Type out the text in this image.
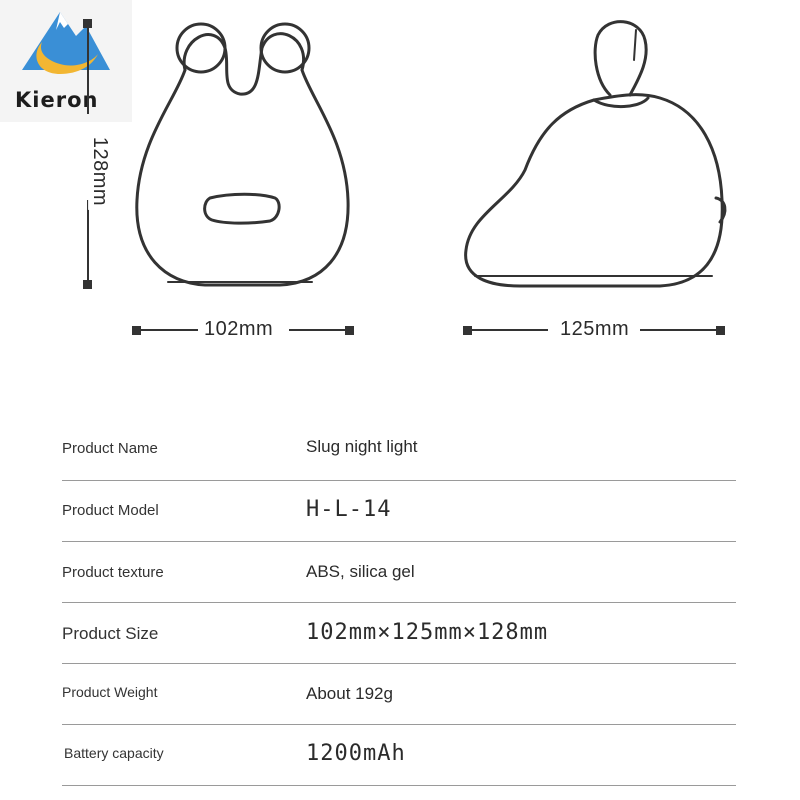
Kieron
102mm	125mm
128mm
Product Name	Slug night light
Product Model	H-L-14
Product texture	ABS, silica gel
Product Size	102mm×125mm×128mm
Product Weight	About 192g
Battery capacity	1200mAh
